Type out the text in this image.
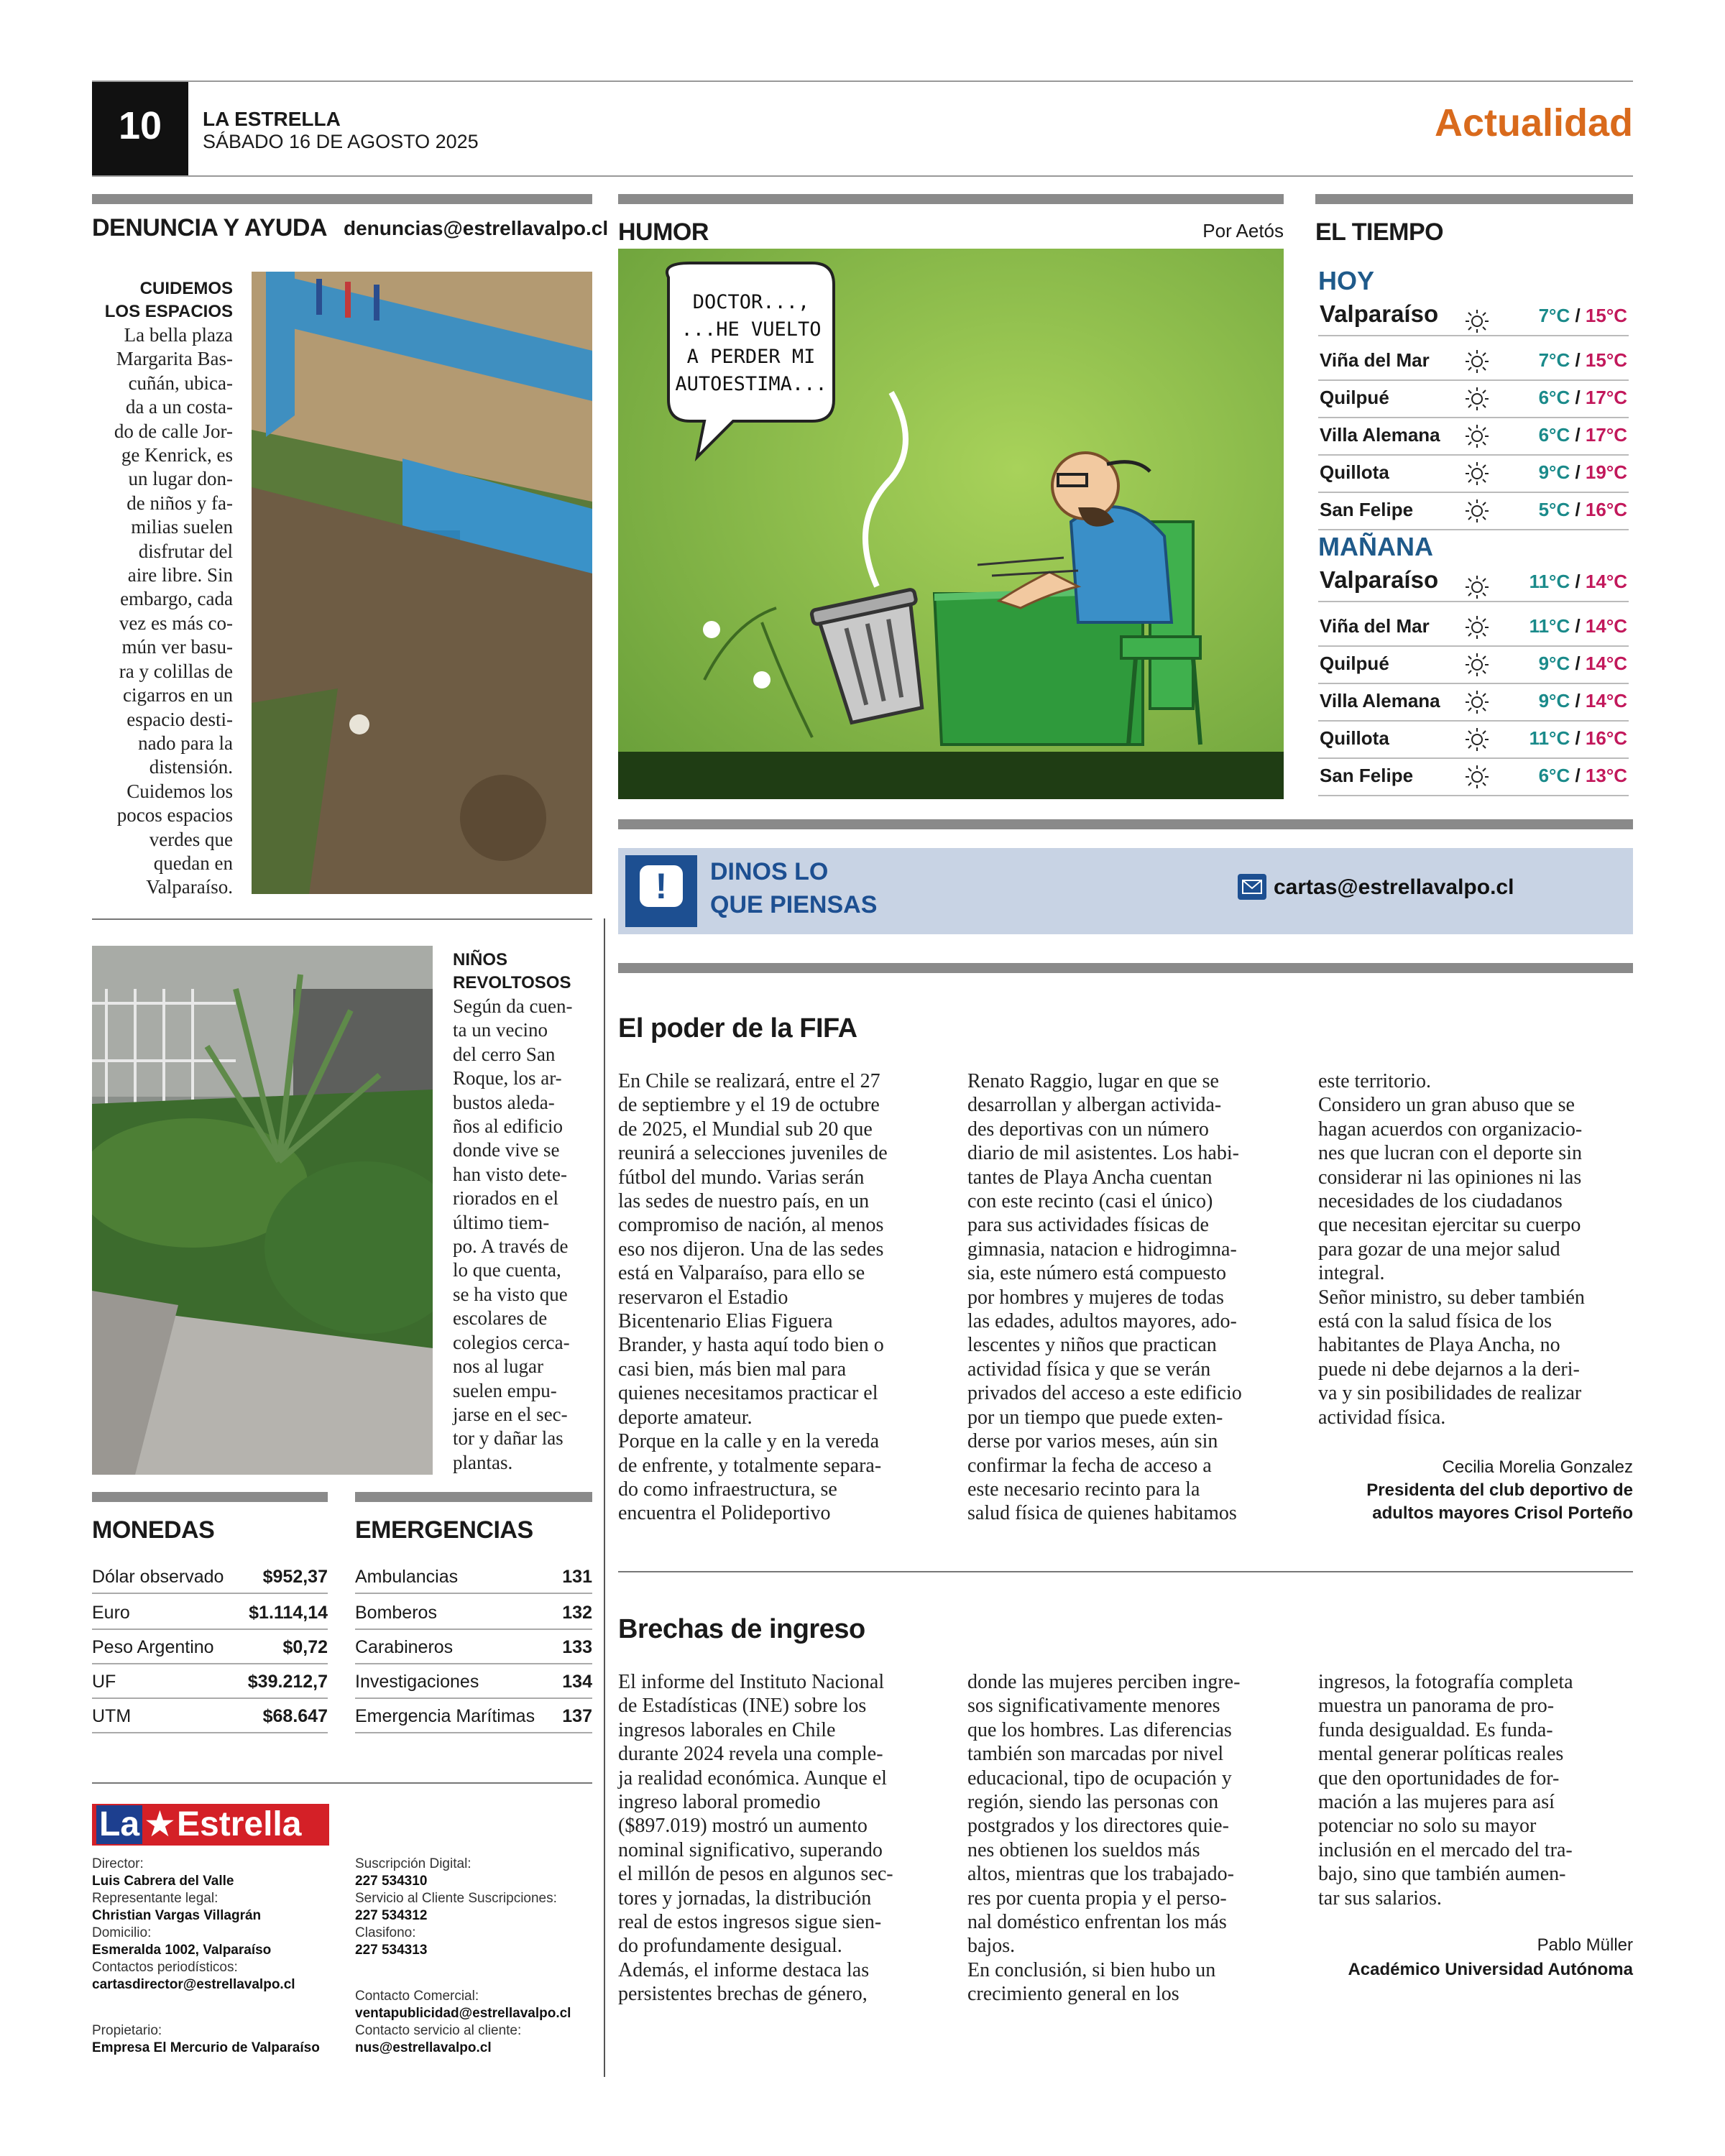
10	LA ESTRELLA
SÁBADO 16 DE AGOSTO 2025	Actualidad
DENUNCIA Y AYUDA denuncias@estrellavalpo.cl
CUIDEMOS
LOS ESPACIOS

La bella plaza
Margarita Bas-
cuñán, ubica-
da a un costa-
do de calle Jor-
ge Kenrick, es
un lugar don-
de niños y fa-
milias suelen
disfrutar del
aire libre. Sin
embargo, cada
vez es más co-
mún ver basu-
ra y colillas de
cigarros en un
espacio desti-
nado para la
distensión.
Cuidemos los
pocos espacios
verdes que
quedan en
Valparaíso.

NIÑOS
REVOLTOSOS

Según da cuen-
ta un vecino
del cerro San
Roque, los ar-
bustos aleda-
ños al edificio
donde vive se
han visto dete-
riorados en el
último tiem-
po. A través de
lo que cuenta,
se ha visto que
escolares de
colegios cerca-
nos al lugar
suelen empu-
jarse en el sec-
tor y dañar las
plantas.

MONEDAS
Dólar observado $952,37
Euro	$1.114,14
Peso Argentino	$0,72
UF	$39.212,7
UTM	$68.647
EMERGENCIAS
Ambulancias	131
Bomberos	132
Carabineros	133
Investigaciones	134
Emergencia Marítimas 137
La ★ Estrella
Director:
Luis Cabrera del Valle
Representante legal:
Christian Vargas Villagrán
Domicilio:
Esmeralda 1002, Valparaíso
Contactos periodísticos:
cartasdirector@estrellavalpo.cl
Propietario:
Empresa El Mercurio de Valparaíso
Suscripción Digital:
227 534310
Servicio al Cliente Suscripciones:
227 534312
Clasifono:
227 534313
Contacto Comercial:
ventapublicidad@estrellavalpo.cl
Contacto servicio al cliente:
nus@estrellavalpo.cl
HUMOR	Por Aetós
DOCTOR...,
...HE VUELTO
A PERDER MI
AUTOESTIMA...
EL TIEMPO
HOY
Valparaíso	7°C / 15°C
Viña del Mar	7°C / 15°C
Quilpué	6°C / 17°C
Villa Alemana	6°C / 17°C
Quillota	9°C / 19°C
San Felipe	5°C / 16°C
MAÑANA
Valparaíso	11°C / 14°C
Viña del Mar	11°C / 14°C
Quilpué	9°C / 14°C
Villa Alemana	9°C / 14°C
Quillota	11°C / 16°C
San Felipe	6°C / 13°C
!	DINOS LO
QUE PIENSAS
cartas@estrellavalpo.cl
El poder de la FIFA

En Chile se realizará, entre el 27
de septiembre y el 19 de octubre
de 2025, el Mundial sub 20 que
reunirá a selecciones juveniles de
fútbol del mundo. Varias serán
las sedes de nuestro país, en un
compromiso de nación, al menos
eso nos dijeron. Una de las sedes
está en Valparaíso, para ello se
reservaron el Estadio
Bicentenario Elias Figuera
Brander, y hasta aquí todo bien o
casi bien, más bien mal para
quienes necesitamos practicar el
deporte amateur.
Porque en la calle y en la vereda
de enfrente, y totalmente separa-
do como infraestructura, se
encuentra el Polideportivo

Renato Raggio, lugar en que se
desarrollan y albergan activida-
des deportivas con un número
diario de mil asistentes. Los habi-
tantes de Playa Ancha cuentan
con este recinto (casi el único)
para sus actividades físicas de
gimnasia, natacion e hidrogimna-
sia, este número está compuesto
por hombres y mujeres de todas
las edades, adultos mayores, ado-
lescentes y niños que practican
actividad física y que se verán
privados del acceso a este edificio
por un tiempo que puede exten-
derse por varios meses, aún sin
confirmar la fecha de acceso a
este necesario recinto para la
salud física de quienes habitamos

este territorio.
Considero un gran abuso que se
hagan acuerdos con organizacio-
nes que lucran con el deporte sin
considerar ni las opiniones ni las
necesidades de los ciudadanos
que necesitan ejercitar su cuerpo
para gozar de una mejor salud
integral.
Señor ministro, su deber también
está con la salud física de los
habitantes de Playa Ancha, no
puede ni debe dejarnos a la deri-
va y sin posibilidades de realizar
actividad física.

Cecilia Morelia Gonzalez
Presidenta del club deportivo de
adultos mayores Crisol Porteño
Brechas de ingreso

El informe del Instituto Nacional
de Estadísticas (INE) sobre los
ingresos laborales en Chile
durante 2024 revela una comple-
ja realidad económica. Aunque el
ingreso laboral promedio
($897.019) mostró un aumento
nominal significativo, superando
el millón de pesos en algunos sec-
tores y jornadas, la distribución
real de estos ingresos sigue sien-
do profundamente desigual.
Además, el informe destaca las
persistentes brechas de género,

donde las mujeres perciben ingre-
sos significativamente menores
que los hombres. Las diferencias
también son marcadas por nivel
educacional, tipo de ocupación y
región, siendo las personas con
postgrados y los directores quie-
nes obtienen los sueldos más
altos, mientras que los trabajado-
res por cuenta propia y el perso-
nal doméstico enfrentan los más
bajos.
En conclusión, si bien hubo un
crecimiento general en los

ingresos, la fotografía completa
muestra un panorama de pro-
funda desigualdad. Es funda-
mental generar políticas reales
que den oportunidades de for-
mación a las mujeres para así
potenciar no solo su mayor
inclusión en el mercado del tra-
bajo, sino que también aumen-
tar sus salarios.

Pablo Müller
Académico Universidad Autónoma
